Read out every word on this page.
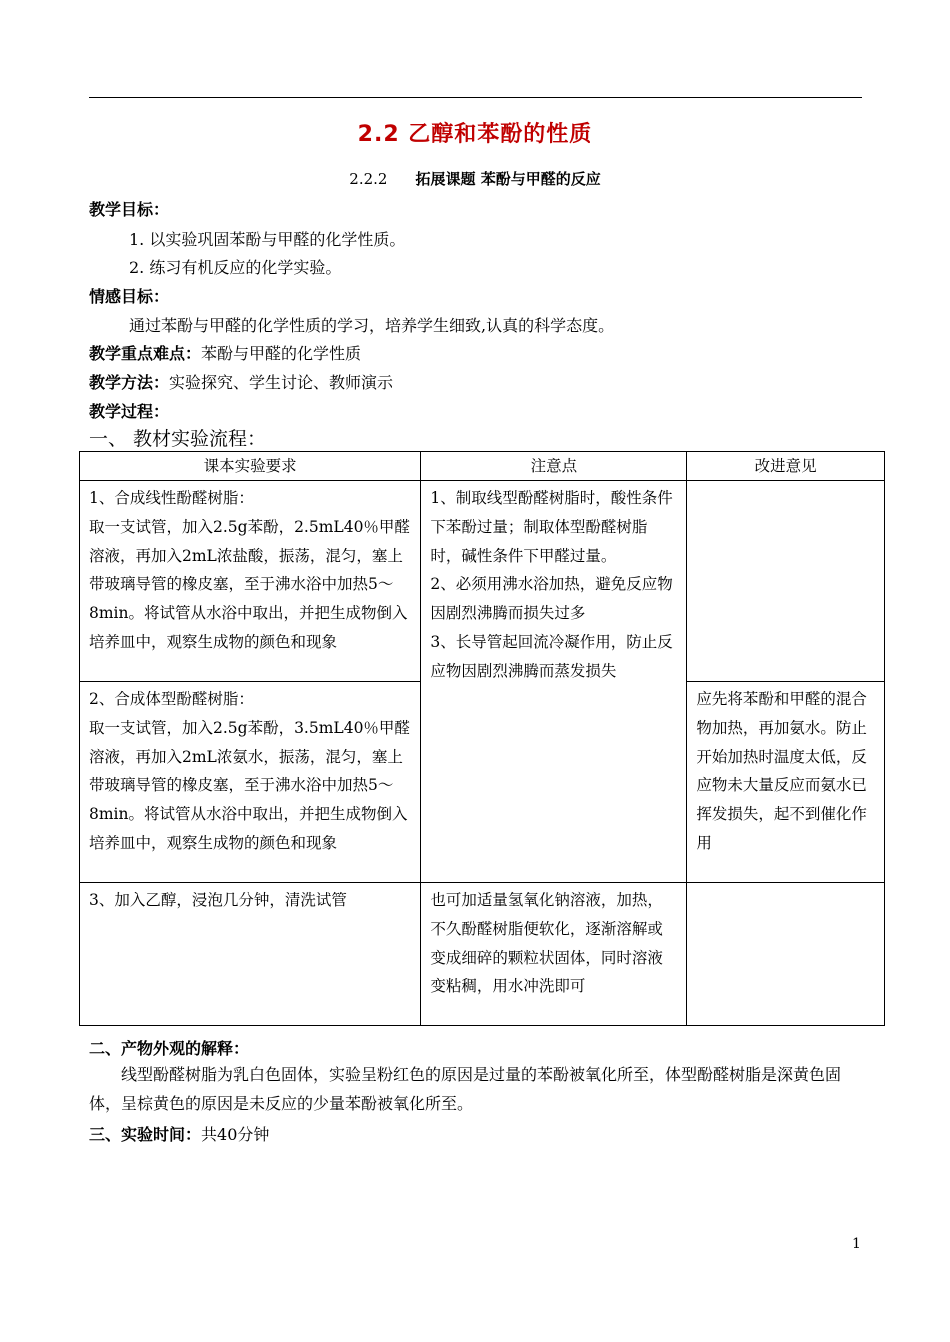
2.2 乙醇和苯酚的性质
2.2.2 拓展课题 苯酚与甲醛的反应
教学目标：
1. 以实验巩固苯酚与甲醛的化学性质。
2. 练习有机反应的化学实验。
情感目标：
通过苯酚与甲醛的化学性质的学习，培养学生细致,认真的科学态度。
教学重点难点：苯酚与甲醛的化学性质
教学方法：实验探究、学生讨论、教师演示
教学过程：
一、 教材实验流程：
课本实验要求	注意点	改进意见
1、合成线性酚醛树脂：
取一支试管，加入2.5g苯酚，2.5mL40％甲醛溶液，再加入2mL浓盐酸，振荡，混匀，塞上带玻璃导管的橡皮塞，至于沸水浴中加热5～8min。将试管从水浴中取出，并把生成物倒入培养皿中，观察生成物的颜色和现象	1、制取线型酚醛树脂时，酸性条件下苯酚过量；制取体型酚醛树脂时，碱性条件下甲醛过量。
2、必须用沸水浴加热，避免反应物因剧烈沸腾而损失过多
3、长导管起回流冷凝作用，防止反应物因剧烈沸腾而蒸发损失	
2、合成体型酚醛树脂：
取一支试管，加入2.5g苯酚，3.5mL40％甲醛溶液，再加入2mL浓氨水，振荡，混匀，塞上带玻璃导管的橡皮塞，至于沸水浴中加热5～8min。将试管从水浴中取出，并把生成物倒入培养皿中，观察生成物的颜色和现象		应先将苯酚和甲醛的混合物加热，再加氨水。防止开始加热时温度太低，反应物未大量反应而氨水已挥发损失，起不到催化作用
3、加入乙醇，浸泡几分钟，清洗试管	也可加适量氢氧化钠溶液，加热，不久酚醛树脂便软化，逐渐溶解或变成细碎的颗粒状固体，同时溶液变粘稠，用水冲洗即可	
二、产物外观的解释：
线型酚醛树脂为乳白色固体，实验呈粉红色的原因是过量的苯酚被氧化所至，体型酚醛树脂是深黄色固体，呈棕黄色的原因是未反应的少量苯酚被氧化所至。
三、实验时间：共40分钟
1
